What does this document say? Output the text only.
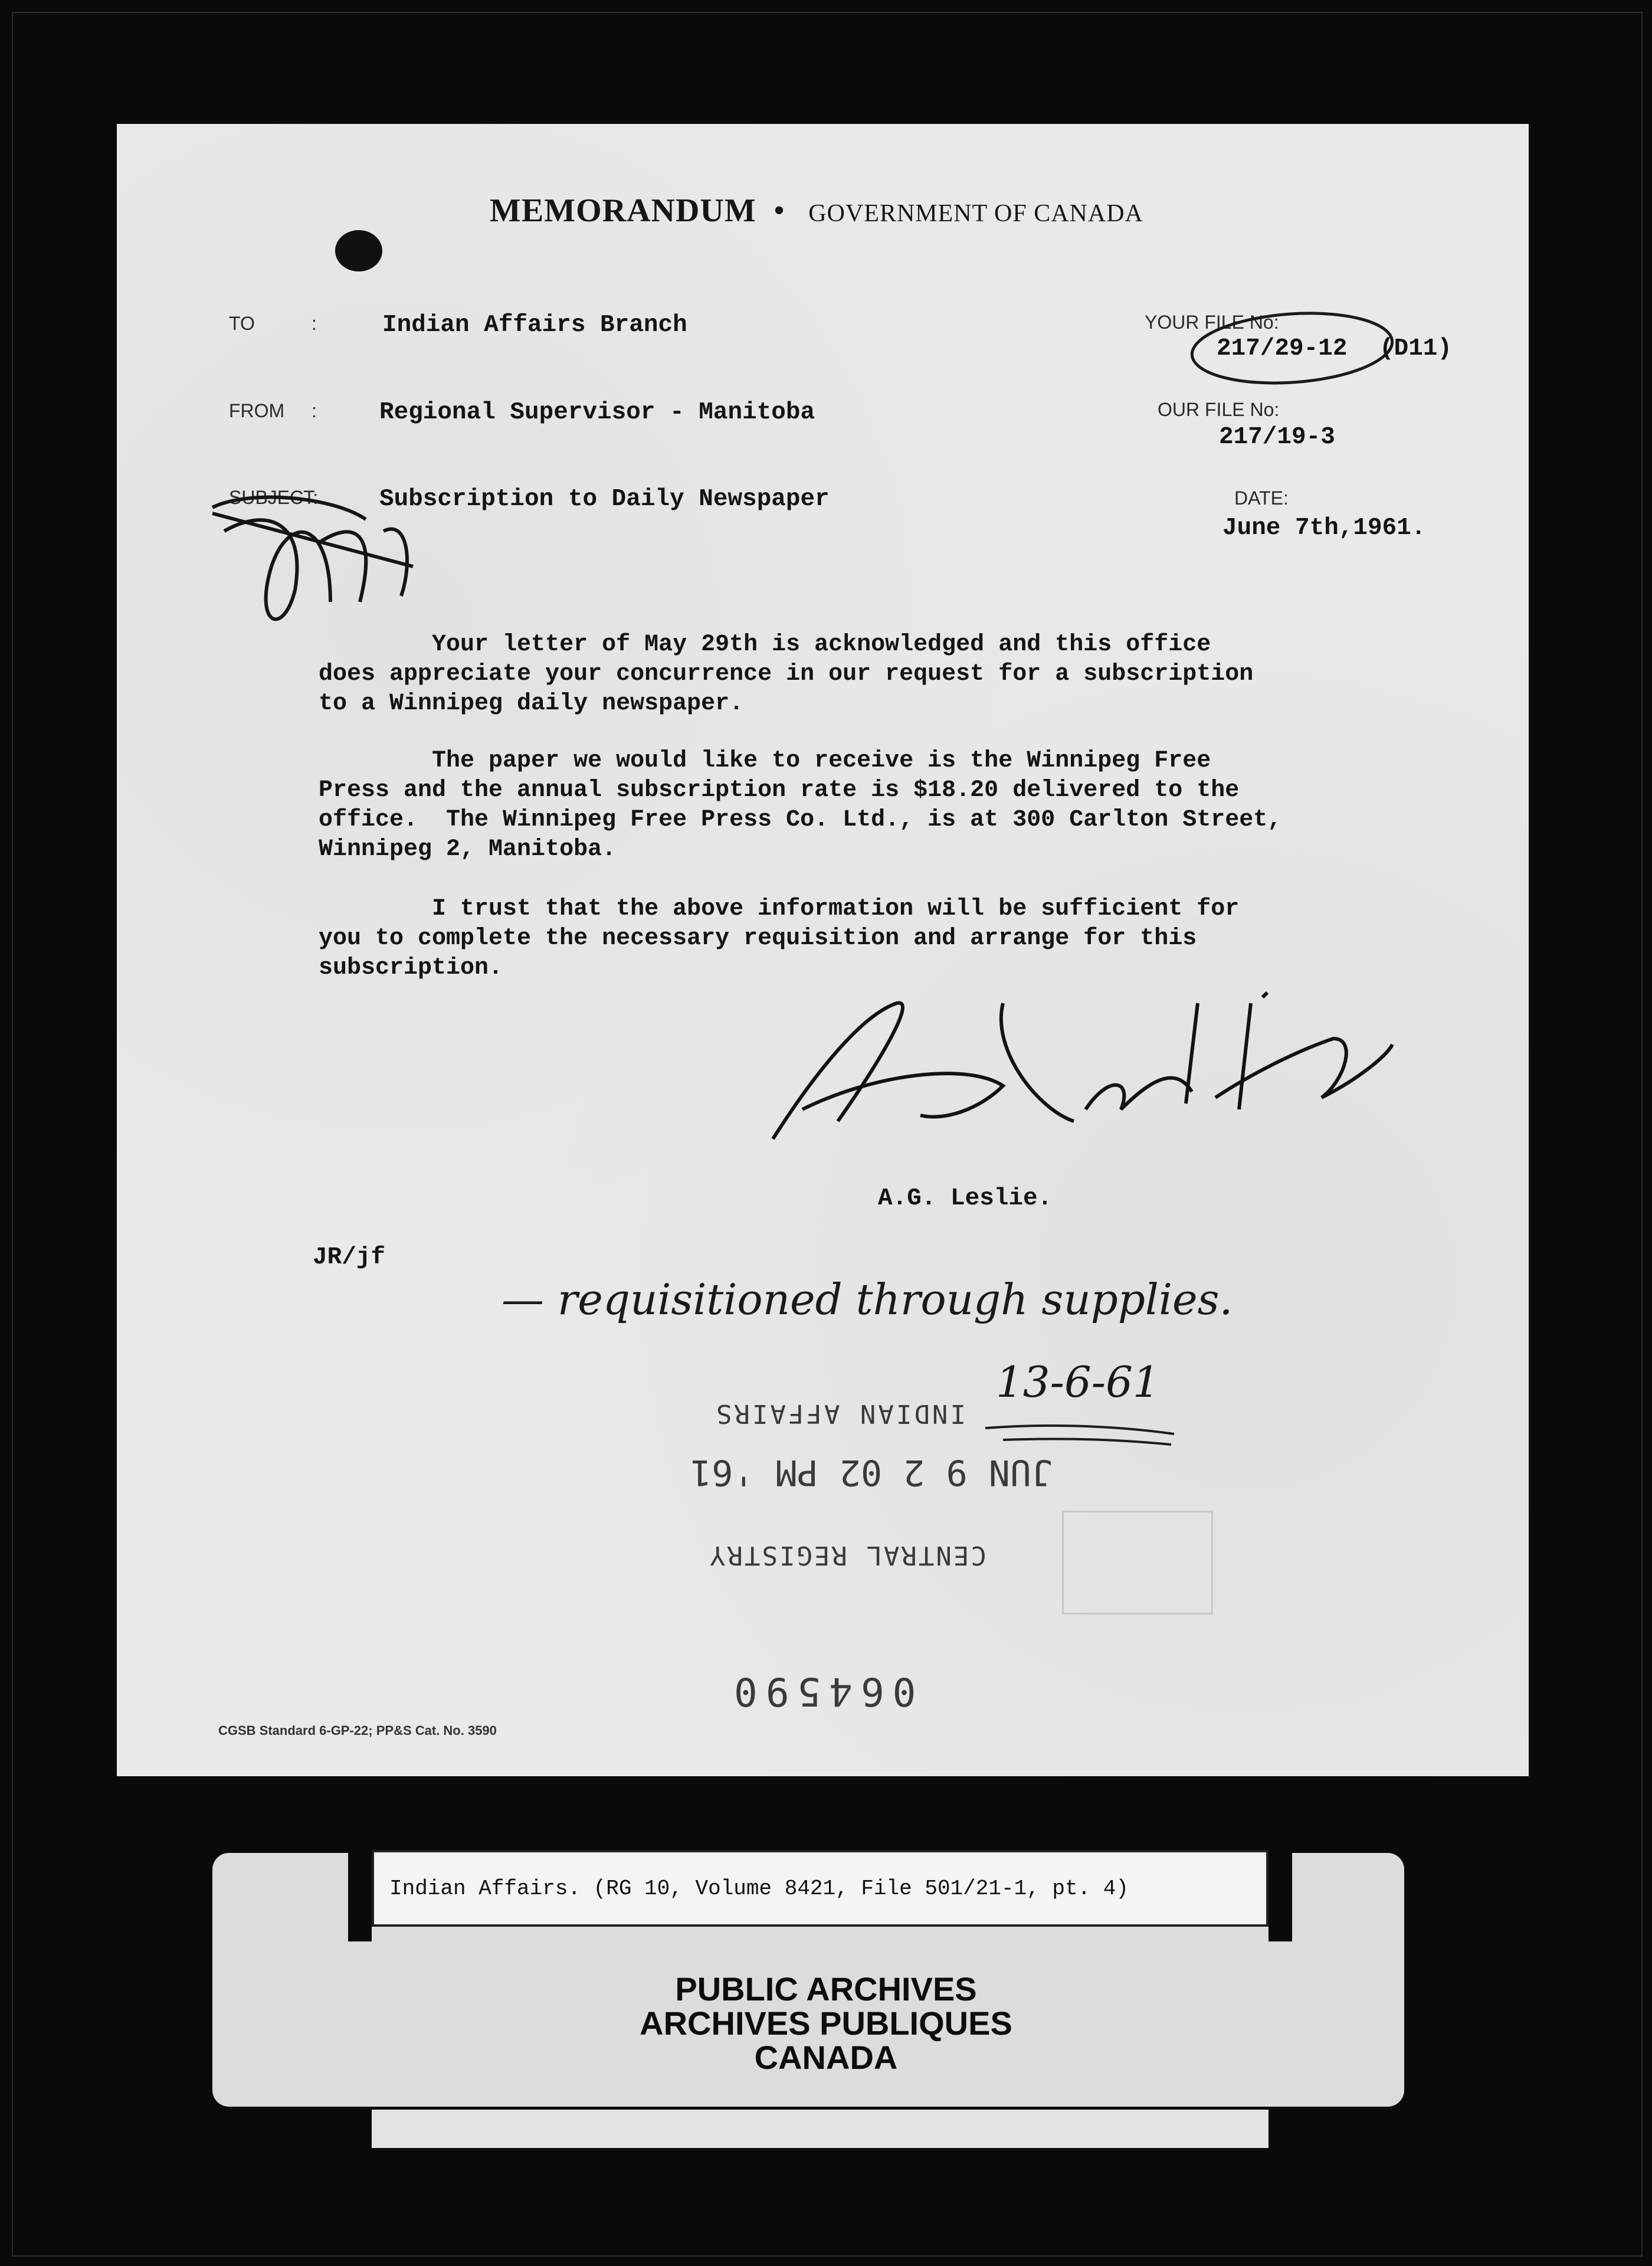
MEMORANDUM • GOVERNMENT OF CANADA
TO	:
FROM :
SUBJECT:
Indian Affairs Branch
Regional Supervisor - Manitoba
Subscription to Daily Newspaper
YOUR FILE No:
217/29-12 (D11)
OUR FILE No:
217/19-3
DATE:
June 7th,1961.
Your letter of May 29th is acknowledged and this office
does appreciate your concurrence in our request for a subscription
to a Winnipeg daily newspaper.
The paper we would like to receive is the Winnipeg Free
Press and the annual subscription rate is $18.20 delivered to the
office.  The Winnipeg Free Press Co. Ltd., is at 300 Carlton Street,
Winnipeg 2, Manitoba.
I trust that the above information will be sufficient for
you to complete the necessary requisition and arrange for this
subscription.
A.G. Leslie.
JR/jf
— requisitioned through supplies.
13-6-61
INDIAN AFFAIRS
JUN 9 2 02 PM '61
CENTRAL REGISTRY
064590
CGSB Standard 6-GP-22; PP&S Cat. No. 3590
Indian Affairs. (RG 10, Volume 8421, File 501/21-1, pt. 4)
PUBLIC ARCHIVES
ARCHIVES PUBLIQUES
CANADA
